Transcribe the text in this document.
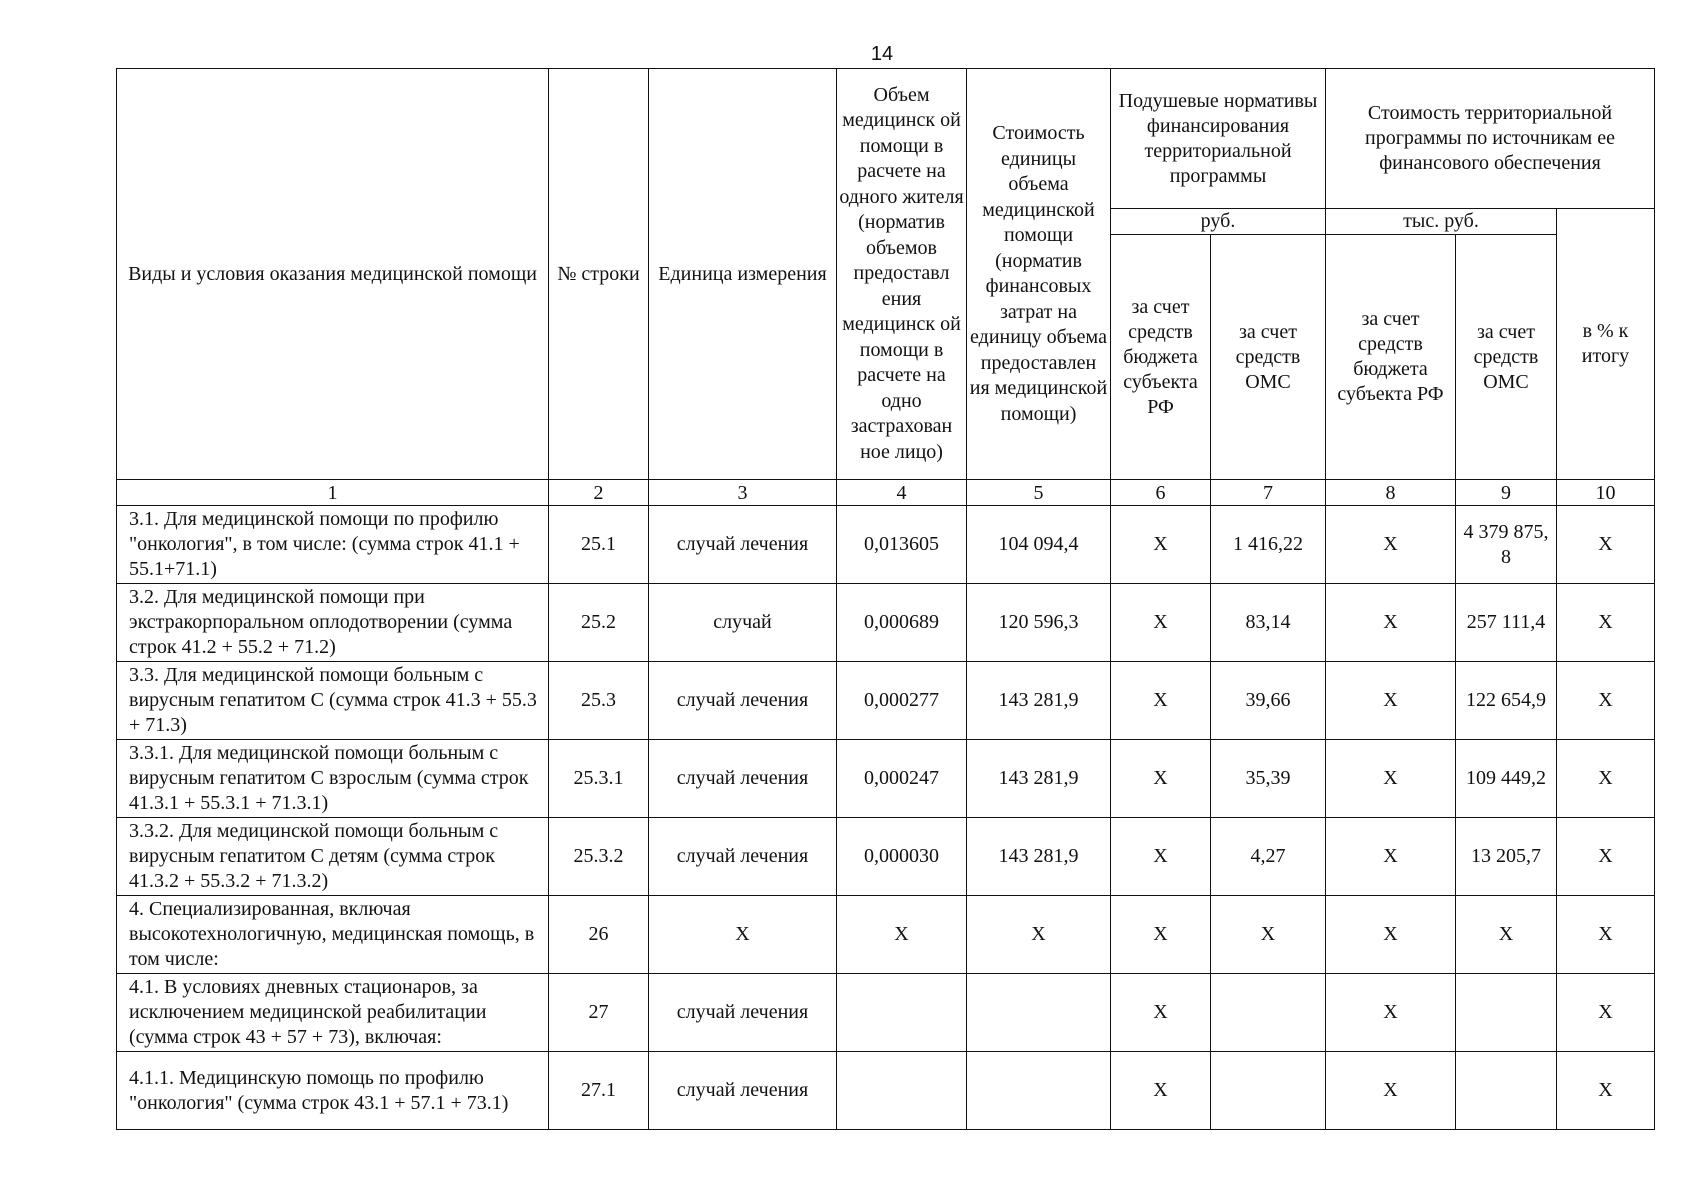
14
Виды и условия оказания медицинской помощи	№ строки	Единица измерения	Объем медицинск ой помощи в расчете на одного жителя (норматив объемов предоставл ения медицинск ой помощи в расчете на одно застрахован ное лицо)	Стоимость единицы объема медицинской помощи (норматив финансовых затрат на единицу объема предоставлен ия медицинской помощи)	Подушевые нормативы финансирования территориальной программы		Стоимость территориальной программы по источникам ее финансового обеспечения		
					руб.		тыс. руб.		в % к итогу
					за счет средств бюджета субъекта РФ	за счет средств ОМС	за счет средств бюджета субъекта РФ	за счет средств ОМС	
1	2	3	4	5	6	7	8	9	10
3.1. Для медицинской помощи по профилю "онкология", в том числе: (сумма строк 41.1 + 55.1+71.1)	25.1	случай лечения	0,013605	104 094,4	Х	1 416,22	Х	4 379 875, 8	Х
3.2. Для медицинской помощи при экстракорпоральном оплодотворении (сумма строк 41.2 + 55.2 + 71.2)	25.2	случай	0,000689	120 596,3	Х	83,14	Х	257 111,4	Х
3.3. Для медицинской помощи больным с вирусным гепатитом С (сумма строк 41.3 + 55.3 + 71.3)	25.3	случай лечения	0,000277	143 281,9	Х	39,66	Х	122 654,9	Х
3.3.1. Для медицинской помощи больным с вирусным гепатитом С взрослым (сумма строк 41.3.1 + 55.3.1 + 71.3.1)	25.3.1	случай лечения	0,000247	143 281,9	Х	35,39	Х	109 449,2	Х
3.3.2. Для медицинской помощи больным с вирусным гепатитом С детям (сумма строк 41.3.2 + 55.3.2 + 71.3.2)	25.3.2	случай лечения	0,000030	143 281,9	Х	4,27	Х	13 205,7	Х
4. Специализированная, включая высокотехнологичную, медицинская помощь, в том числе:	26	Х	Х	Х	Х	Х	Х	Х	Х
4.1. В условиях дневных стационаров, за исключением медицинской реабилитации (сумма строк 43 + 57 + 73), включая:	27	случай лечения			Х		Х		Х
4.1.1. Медицинскую помощь по профилю "онкология" (сумма строк 43.1 + 57.1 + 73.1)	27.1	случай лечения			Х		Х		Х
